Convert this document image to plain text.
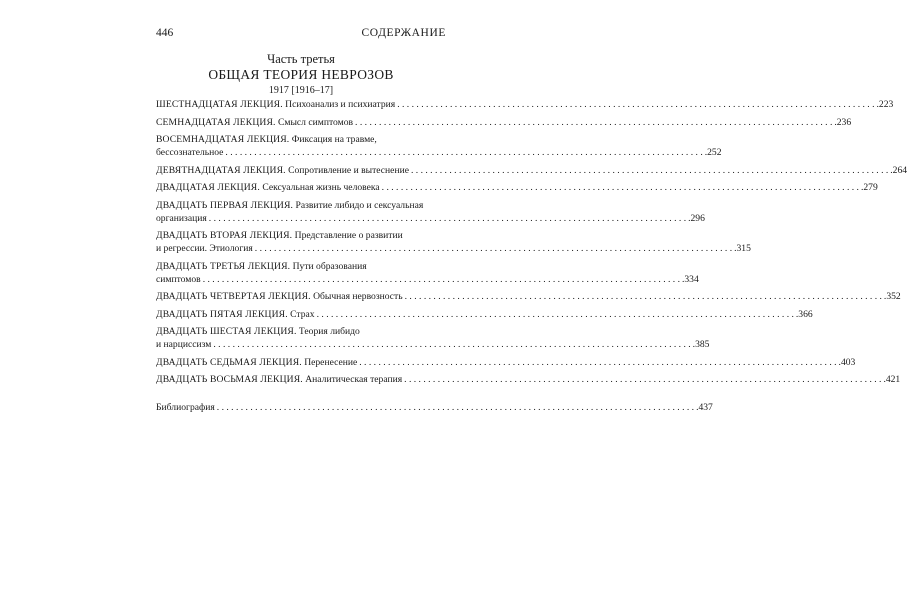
446	СОДЕРЖАНИЕ
Часть третья
ОБЩАЯ ТЕОРИЯ НЕВРОЗОВ
1917 [1916–17]
ШЕСТНАДЦАТАЯ ЛЕКЦИЯ. Психоанализ и психиатрия . . .	.223
СЕМНАДЦАТАЯ ЛЕКЦИЯ. Смысл симптомов . . .	.236
ВОСЕМНАДЦАТАЯ ЛЕКЦИЯ. Фиксация на травме,
бессознательное . . .	.252
ДЕВЯТНАДЦАТАЯ ЛЕКЦИЯ. Сопротивление и вытеснение . . .	.264
ДВАДЦАТАЯ ЛЕКЦИЯ. Сексуальная жизнь человека . . .	.279
ДВАДЦАТЬ ПЕРВАЯ ЛЕКЦИЯ. Развитие либидо и сексуальная
организация . . .	.296
ДВАДЦАТЬ ВТОРАЯ ЛЕКЦИЯ. Представление о развитии
и регрессии. Этиология . . .	.315
ДВАДЦАТЬ ТРЕТЬЯ ЛЕКЦИЯ. Пути образования
симптомов . . .	.334
ДВАДЦАТЬ ЧЕТВЕРТАЯ ЛЕКЦИЯ. Обычная нервозность . . .	.352
ДВАДЦАТЬ ПЯТАЯ ЛЕКЦИЯ. Страх . . .	.366
ДВАДЦАТЬ ШЕСТАЯ ЛЕКЦИЯ. Теория либидо
и нарциссизм . . .	.385
ДВАДЦАТЬ СЕДЬМАЯ ЛЕКЦИЯ. Перенесение . . .	.403
ДВАДЦАТЬ ВОСЬМАЯ ЛЕКЦИЯ. Аналитическая терапия . . .	.421
Библиография . . .	.437
